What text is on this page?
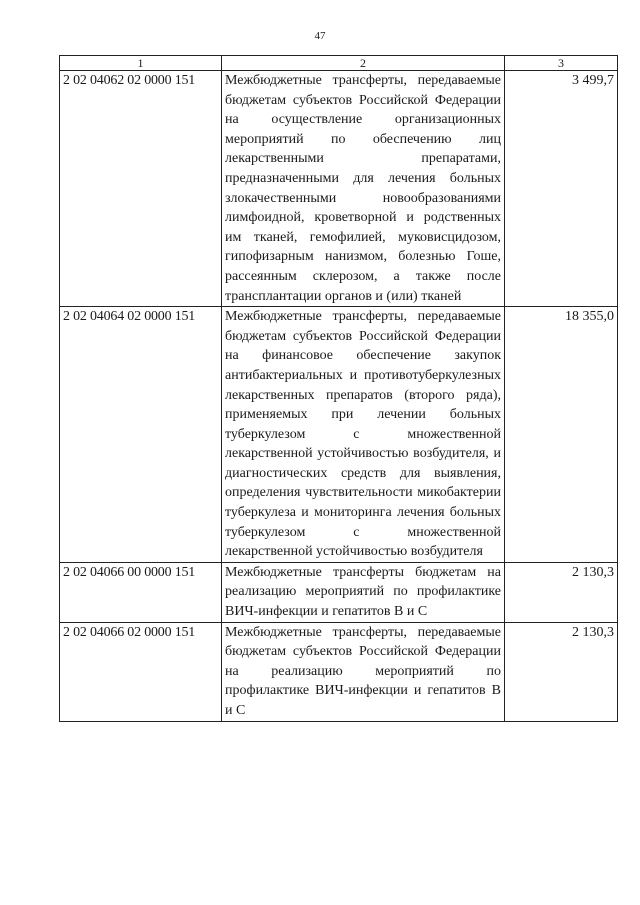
47
1	2	3
2 02 04062 02 0000 151	Межбюджетные трансферты, передаваемые бюджетам субъектов Российской Федерации на осуществление организационных мероприятий по обеспечению лиц лекарственными препаратами, предназначенными для лечения больных злокачественными новообразованиями лимфоидной, кроветворной и родственных им тканей, гемофилией, муковисцидозом, гипофизарным нанизмом, болезнью Гоше, рассеянным склерозом, а также после трансплантации органов и (или) тканей	3 499,7
2 02 04064 02 0000 151	Межбюджетные трансферты, передаваемые бюджетам субъектов Российской Федерации на финансовое обеспечение закупок антибактериальных и противотуберкулезных лекарственных препаратов (второго ряда), применяемых при лечении больных туберкулезом с множественной лекарственной устойчивостью возбудителя, и диагностических средств для выявления, определения чувствительности микобактерии туберкулеза и мониторинга лечения больных туберкулезом с множественной лекарственной устойчивостью возбудителя	18 355,0
2 02 04066 00 0000 151	Межбюджетные трансферты бюджетам на реализацию мероприятий по профилактике ВИЧ-инфекции и гепатитов В и С	2 130,3
2 02 04066 02 0000 151	Межбюджетные трансферты, передаваемые бюджетам субъектов Российской Федерации на реализацию мероприятий по профилактике ВИЧ-инфекции и гепатитов В и С	2 130,3
